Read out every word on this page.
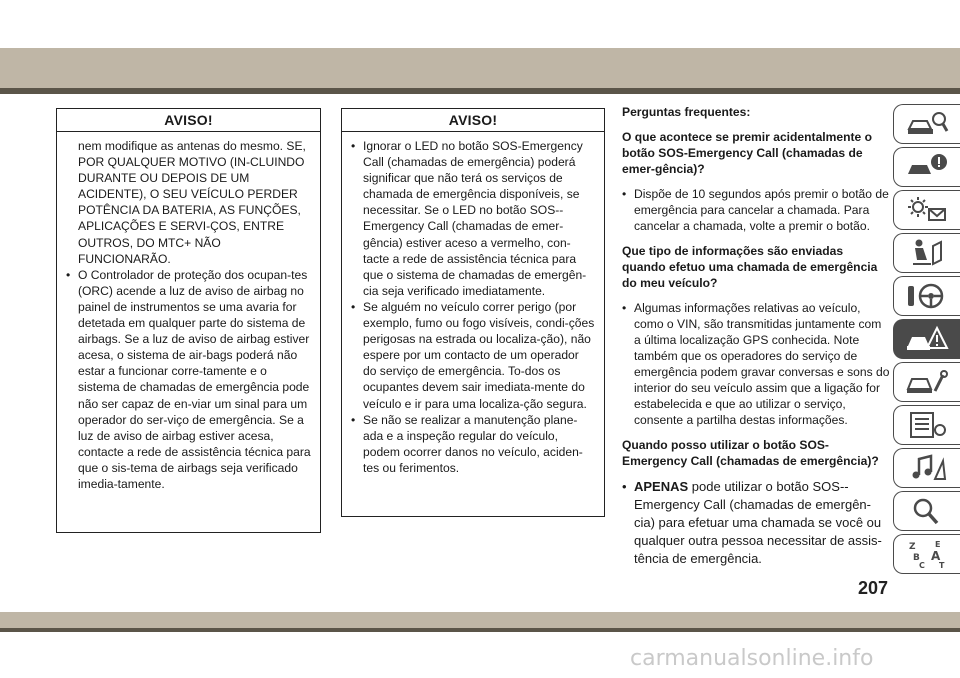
AVISO!
nem modifique as antenas do mesmo. SE, POR QUALQUER MOTIVO (IN-CLUINDO DURANTE OU DEPOIS DE UM ACIDENTE), O SEU VEÍCULO PERDER POTÊNCIA DA BATERIA, AS FUNÇÕES, APLICAÇÕES E SERVI-ÇOS, ENTRE OUTROS, DO MTC+ NÃO FUNCIONARÃO.
• O Controlador de proteção dos ocupan-tes (ORC) acende a luz de aviso de airbag no painel de instrumentos se uma avaria for detetada em qualquer parte do sistema de airbags. Se a luz de aviso de airbag estiver acesa, o sistema de air-bags poderá não estar a funcionar corre-tamente e o sistema de chamadas de emergência pode não ser capaz de en-viar um sinal para um operador do ser-viço de emergência. Se a luz de aviso de airbag estiver acesa, contacte a rede de assistência técnica para que o sis-tema de airbags seja verificado imedia-tamente.
AVISO!
• Ignorar o LED no botão SOS-Emergency Call (chamadas de emergência) poderá significar que não terá os serviços de chamada de emergência disponíveis, se necessitar. Se o LED no botão SOS--Emergency Call (chamadas de emer-gência) estiver aceso a vermelho, con-tacte a rede de assistência técnica para que o sistema de chamadas de emergên-cia seja verificado imediatamente.
• Se alguém no veículo correr perigo (por exemplo, fumo ou fogo visíveis, condi-ções perigosas na estrada ou localiza-ção), não espere por um contacto de um operador do serviço de emergência. To-dos os ocupantes devem sair imediata-mente do veículo e ir para uma localiza-ção segura.
• Se não se realizar a manutenção plane-ada e a inspeção regular do veículo, podem ocorrer danos no veículo, aciden-tes ou ferimentos.
Perguntas frequentes:
O que acontece se premir acidentalmente o botão SOS-Emergency Call (chamadas de emer-gência)?
• Dispõe de 10 segundos após premir o botão de emergência para cancelar a chamada. Para cancelar a chamada, volte a premir o botão.
Que tipo de informações são enviadas quando efetuo uma chamada de emergência do meu veículo?
• Algumas informações relativas ao veículo, como o VIN, são transmitidas juntamente com a última localização GPS conhecida. Note também que os operadores do serviço de emergência podem gravar conversas e sons do interior do seu veículo assim que a ligação for estabelecida e que ao utilizar o serviço, consente a partilha destas informações.
Quando posso utilizar o botão SOS-Emergency Call (chamadas de emergência)?
• APENAS pode utilizar o botão SOS--Emergency Call (chamadas de emergên-cia) para efetuar uma chamada se você ou qualquer outra pessoa necessitar de assis-tência de emergência.
Z E
B A
C T
207
carmanualsonline.info
